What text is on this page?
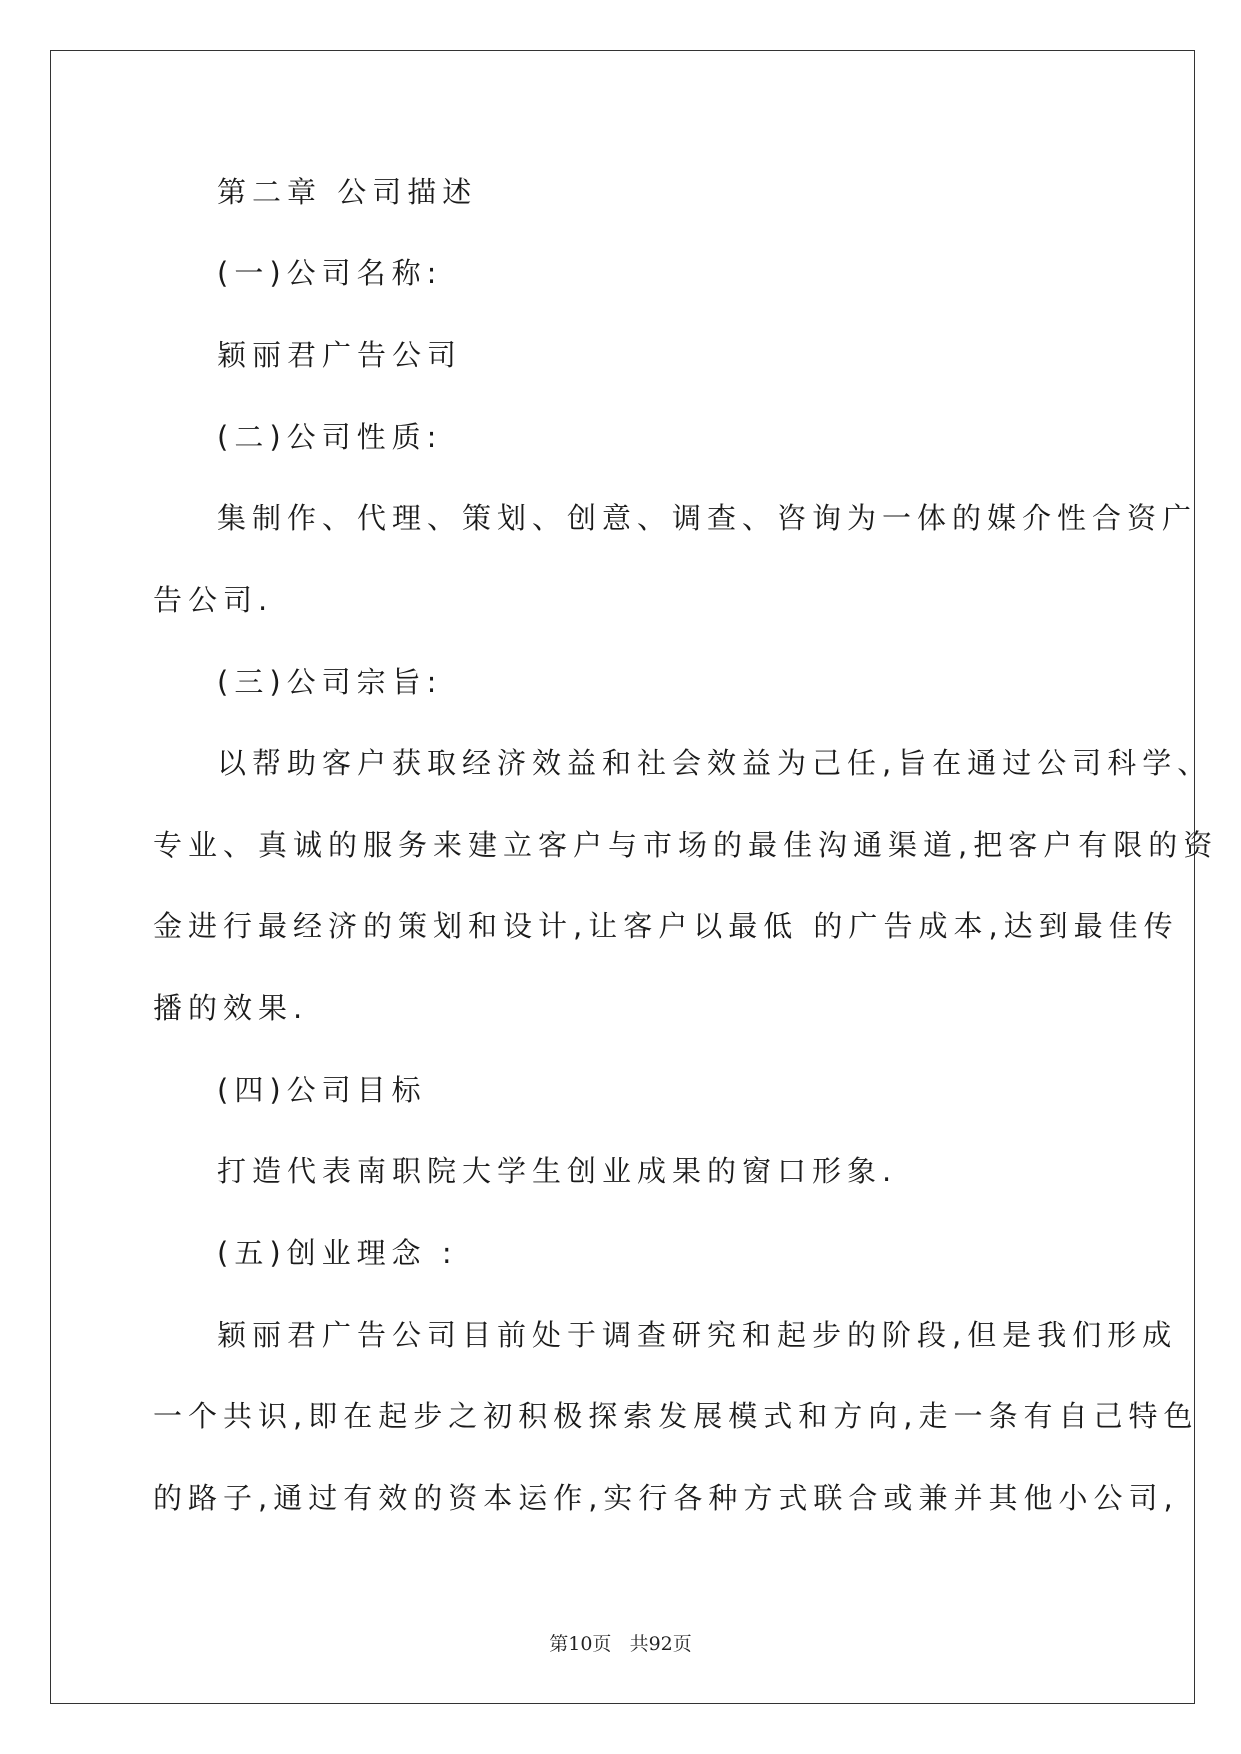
第二章 公司描述
(一)公司名称:
颖丽君广告公司
(二)公司性质:
集制作、代理、策划、创意、调查、咨询为一体的媒介性合资广
告公司.
(三)公司宗旨:
以帮助客户获取经济效益和社会效益为己任,旨在通过公司科学、
专业、真诚的服务来建立客户与市场的最佳沟通渠道,把客户有限的资
金进行最经济的策划和设计,让客户以最低 的广告成本,达到最佳传
播的效果.
(四)公司目标
打造代表南职院大学生创业成果的窗口形象.
(五)创业理念 :
颖丽君广告公司目前处于调查研究和起步的阶段,但是我们形成
一个共识,即在起步之初积极探索发展模式和方向,走一条有自己特色
的路子,通过有效的资本运作,实行各种方式联合或兼并其他小公司,
第10页 共92页
